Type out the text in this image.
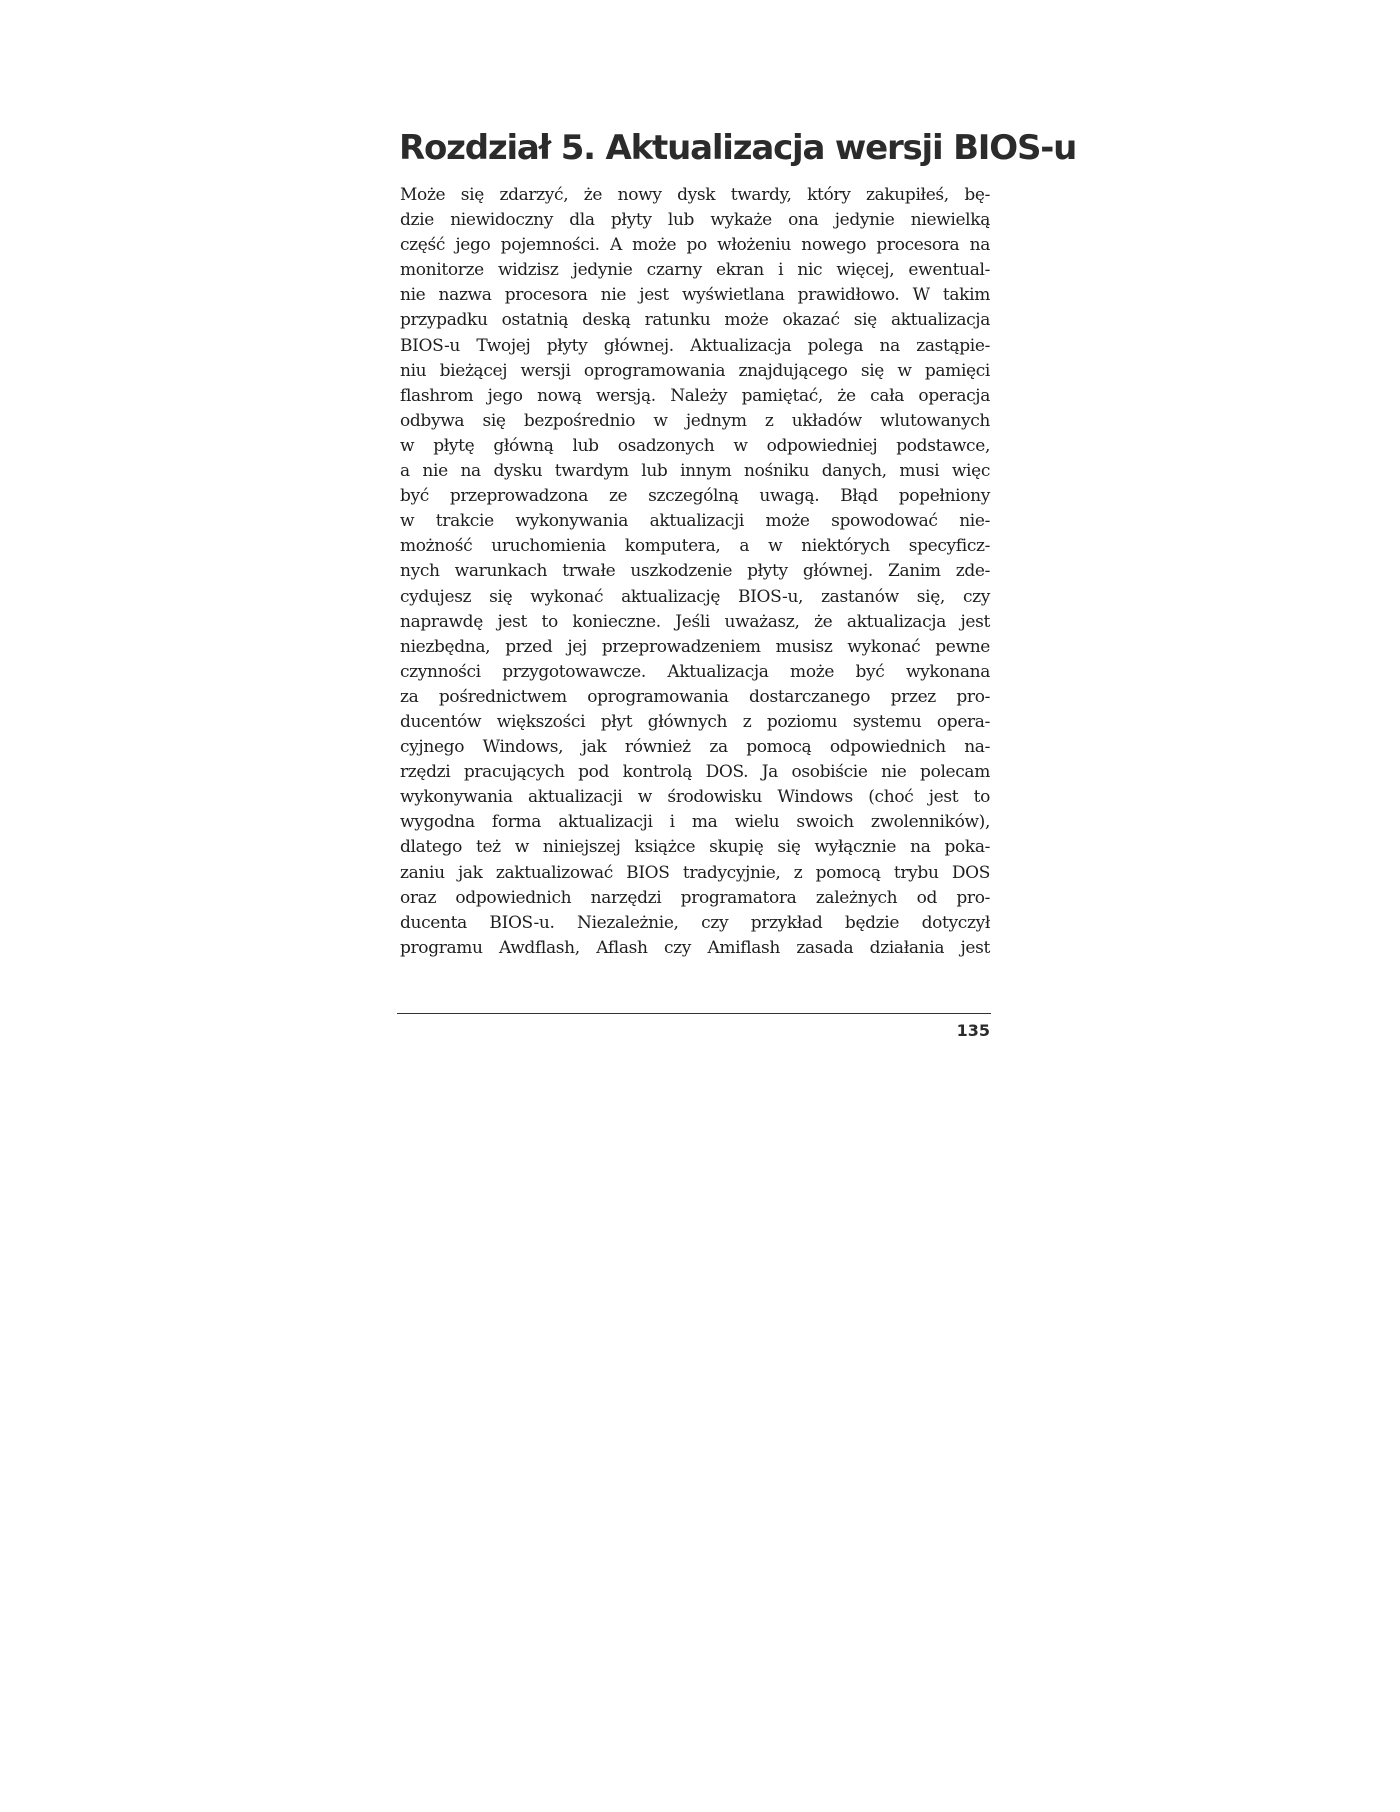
Rozdział 5. Aktualizacja wersji BIOS-u
Może się zdarzyć, że nowy dysk twardy, który zakupiłeś, bę-
dzie niewidoczny dla płyty lub wykaże ona jedynie niewielką
część jego pojemności. A może po włożeniu nowego procesora na
monitorze widzisz jedynie czarny ekran i nic więcej, ewentual-
nie nazwa procesora nie jest wyświetlana prawidłowo. W takim
przypadku ostatnią deską ratunku może okazać się aktualizacja
BIOS-u Twojej płyty głównej. Aktualizacja polega na zastąpie-
niu bieżącej wersji oprogramowania znajdującego się w pamięci
flashrom jego nową wersją. Należy pamiętać, że cała operacja
odbywa się bezpośrednio w jednym z układów wlutowanych
w płytę główną lub osadzonych w odpowiedniej podstawce,
a nie na dysku twardym lub innym nośniku danych, musi więc
być przeprowadzona ze szczególną uwagą. Błąd popełniony
w trakcie wykonywania aktualizacji może spowodować nie-
możność uruchomienia komputera, a w niektórych specyficz-
nych warunkach trwałe uszkodzenie płyty głównej. Zanim zde-
cydujesz się wykonać aktualizację BIOS-u, zastanów się, czy
naprawdę jest to konieczne. Jeśli uważasz, że aktualizacja jest
niezbędna, przed jej przeprowadzeniem musisz wykonać pewne
czynności przygotowawcze. Aktualizacja może być wykonana
za pośrednictwem oprogramowania dostarczanego przez pro-
ducentów większości płyt głównych z poziomu systemu opera-
cyjnego Windows, jak również za pomocą odpowiednich na-
rzędzi pracujących pod kontrolą DOS. Ja osobiście nie polecam
wykonywania aktualizacji w środowisku Windows (choć jest to
wygodna forma aktualizacji i ma wielu swoich zwolenników),
dlatego też w niniejszej książce skupię się wyłącznie na poka-
zaniu jak zaktualizować BIOS tradycyjnie, z pomocą trybu DOS
oraz odpowiednich narzędzi programatora zależnych od pro-
ducenta BIOS-u. Niezależnie, czy przykład będzie dotyczył
programu Awdflash, Aflash czy Amiflash zasada działania jest
135
